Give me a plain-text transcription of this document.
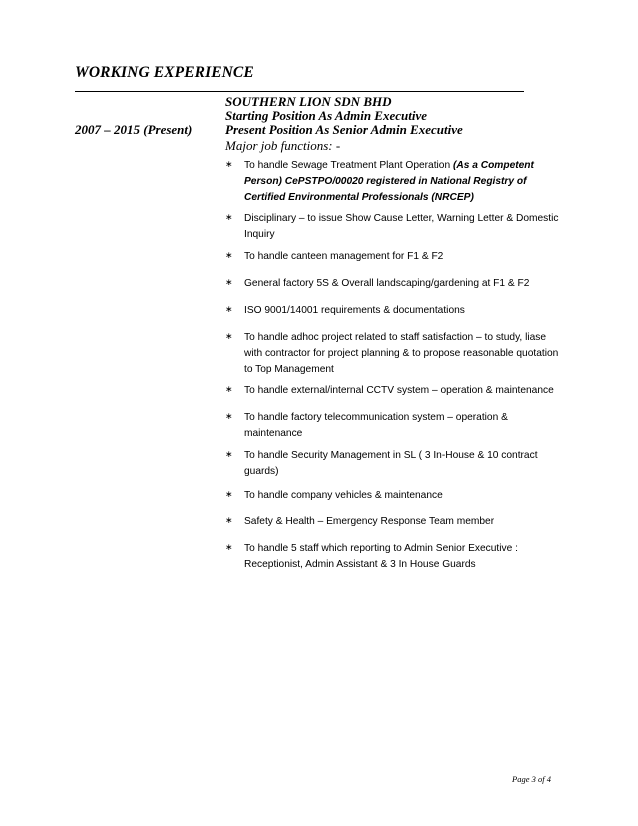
WORKING EXPERIENCE
2007 – 2015 (Present)
SOUTHERN LION SDN BHD
Starting Position As Admin Executive
Present Position As Senior Admin Executive
Major job functions: -
∗ To handle Sewage Treatment Plant Operation (As a Competent Person) CePSTPO/00020 registered in National Registry of Certified Environmental Professionals (NRCEP)
∗ Disciplinary – to issue Show Cause Letter, Warning Letter & Domestic Inquiry
∗ To handle canteen management for F1 & F2
∗ General factory 5S & Overall landscaping/gardening at F1 & F2
∗ ISO 9001/14001 requirements & documentations
∗ To handle adhoc project related to staff satisfaction – to study, liase with contractor for project planning & to propose reasonable quotation to Top Management
∗ To handle external/internal CCTV system – operation & maintenance
∗ To handle factory telecommunication system – operation & maintenance
∗ To handle Security Management in SL ( 3 In-House & 10 contract guards)
∗ To handle company vehicles & maintenance
∗ Safety & Health – Emergency Response Team member
∗ To handle 5 staff which reporting to Admin Senior Executive : Receptionist, Admin Assistant & 3 In House Guards
Page 3 of 4
